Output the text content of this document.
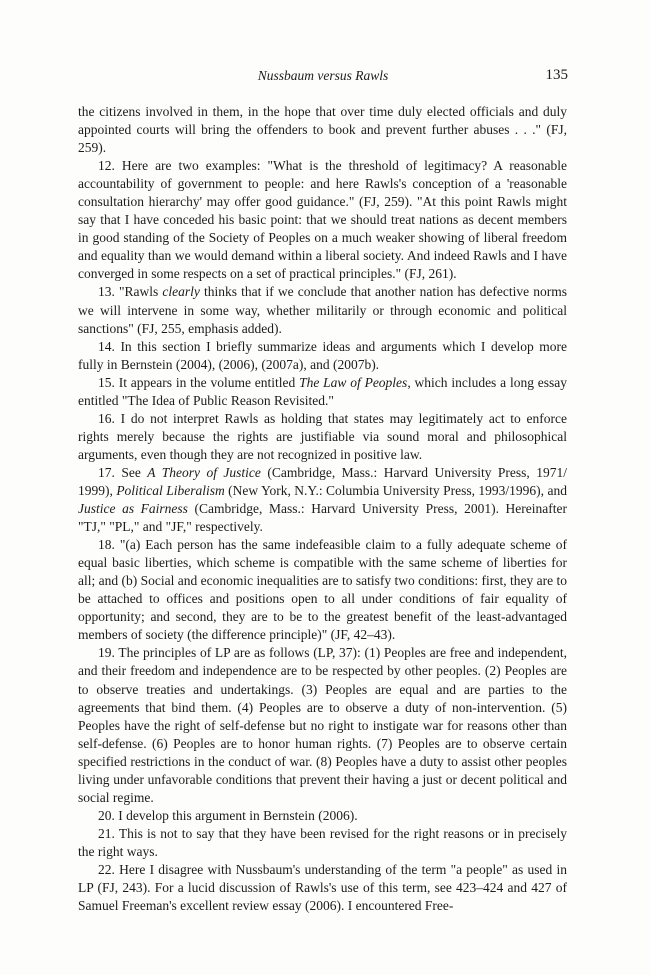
Nussbaum versus Rawls	135

the citizens involved in them, in the hope that over time duly elected officials and duly appointed courts will bring the offenders to book and prevent further abuses . . ." (FJ, 259).

12. Here are two examples: "What is the threshold of legitimacy? A reasonable accountability of government to people: and here Rawls's conception of a 'reasonable consultation hierarchy' may offer good guidance." (FJ, 259). "At this point Rawls might say that I have conceded his basic point: that we should treat nations as decent members in good standing of the Society of Peoples on a much weaker showing of liberal freedom and equality than we would demand within a liberal society. And indeed Rawls and I have converged in some respects on a set of practical principles." (FJ, 261).

13. "Rawls clearly thinks that if we conclude that another nation has defective norms we will intervene in some way, whether militarily or through economic and political sanctions" (FJ, 255, emphasis added).

14. In this section I briefly summarize ideas and arguments which I develop more fully in Bernstein (2004), (2006), (2007a), and (2007b).

15. It appears in the volume entitled The Law of Peoples, which includes a long essay entitled "The Idea of Public Reason Revisited."

16. I do not interpret Rawls as holding that states may legitimately act to enforce rights merely because the rights are justifiable via sound moral and philosophical arguments, even though they are not recognized in positive law.

17. See A Theory of Justice (Cambridge, Mass.: Harvard University Press, 1971/ 1999), Political Liberalism (New York, N.Y.: Columbia University Press, 1993/1996), and Justice as Fairness (Cambridge, Mass.: Harvard University Press, 2001). Hereinafter "TJ," "PL," and "JF," respectively.

18. "(a) Each person has the same indefeasible claim to a fully adequate scheme of equal basic liberties, which scheme is compatible with the same scheme of liberties for all; and (b) Social and economic inequalities are to satisfy two conditions: first, they are to be attached to offices and positions open to all under conditions of fair equality of opportunity; and second, they are to be to the greatest benefit of the least-advantaged members of society (the difference principle)" (JF, 42–43).

19. The principles of LP are as follows (LP, 37): (1) Peoples are free and independent, and their freedom and independence are to be respected by other peoples. (2) Peoples are to observe treaties and undertakings. (3) Peoples are equal and are parties to the agreements that bind them. (4) Peoples are to observe a duty of non-intervention. (5) Peoples have the right of self-defense but no right to instigate war for reasons other than self-defense. (6) Peoples are to honor human rights. (7) Peoples are to observe certain specified restrictions in the conduct of war. (8) Peoples have a duty to assist other peoples living under unfavorable conditions that prevent their having a just or decent political and social regime.

20. I develop this argument in Bernstein (2006).

21. This is not to say that they have been revised for the right reasons or in precisely the right ways.

22. Here I disagree with Nussbaum's understanding of the term "a people" as used in LP (FJ, 243). For a lucid discussion of Rawls's use of this term, see 423–424 and 427 of Samuel Freeman's excellent review essay (2006). I encountered Free-
